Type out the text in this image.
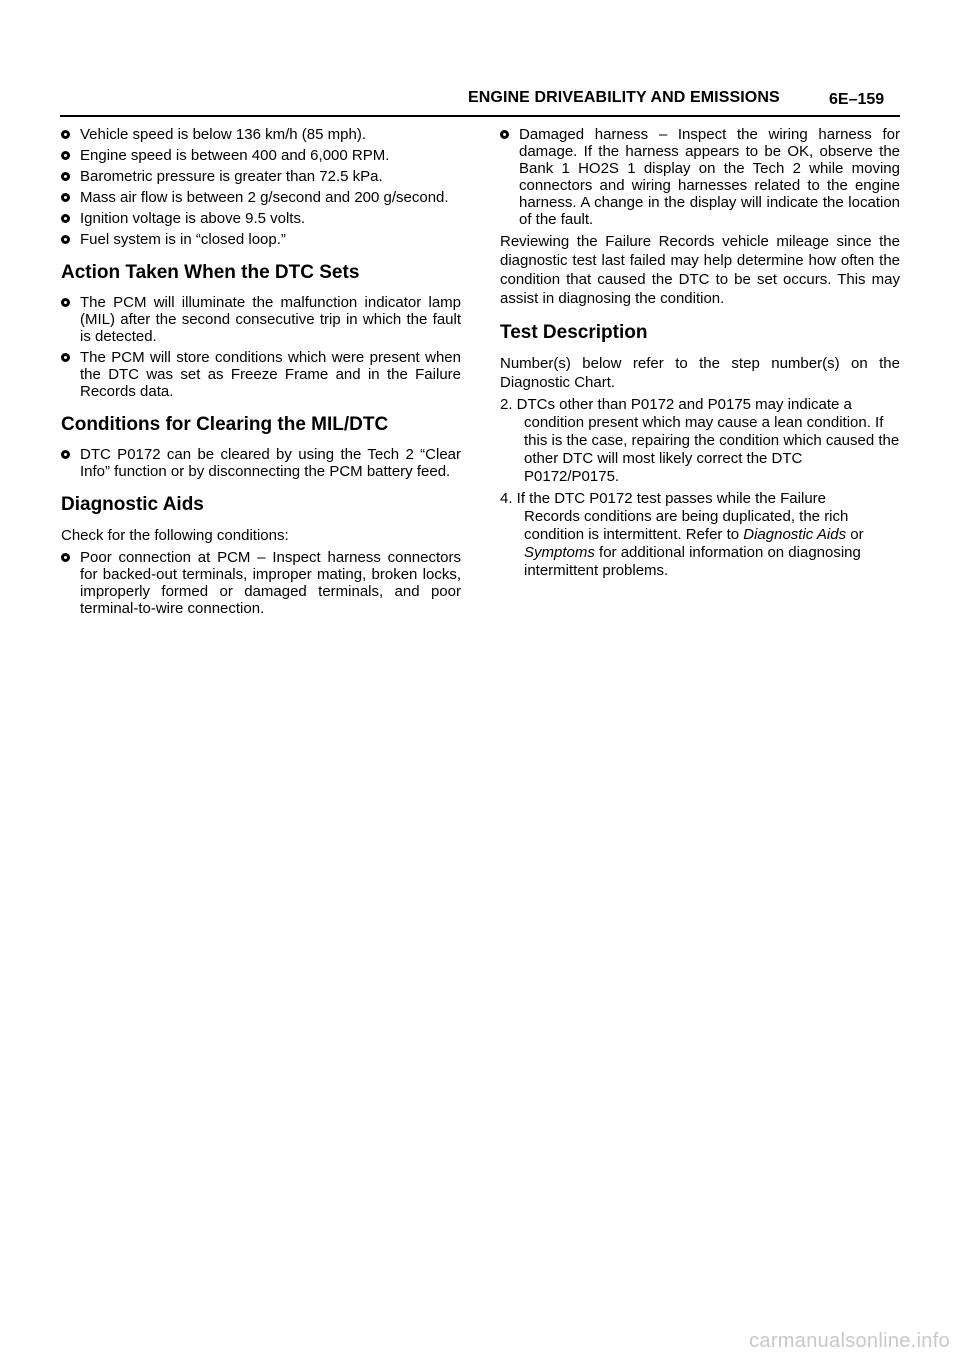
ENGINE DRIVEABILITY AND EMISSIONS	6E–159
Vehicle speed is below 136 km/h (85 mph).
Engine speed is between 400 and 6,000 RPM.
Barometric pressure is greater than 72.5 kPa.
Mass air flow is between 2 g/second and 200 g/second.
Ignition voltage is above 9.5 volts.
Fuel system is in “closed loop.”
Action Taken When the DTC Sets
The PCM will illuminate the malfunction indicator lamp (MIL) after the second consecutive trip in which the fault is detected.
The PCM will store conditions which were present when the DTC was set as Freeze Frame and in the Failure Records data.
Conditions for Clearing the MIL/DTC
DTC P0172 can be cleared by using the Tech 2 “Clear Info” function or by disconnecting the PCM battery feed.
Diagnostic Aids

Check for the following conditions:

Poor connection at PCM – Inspect harness connectors for backed-out terminals, improper mating, broken locks, improperly formed or damaged terminals, and poor terminal-to-wire connection.
Damaged harness – Inspect the wiring harness for damage. If the harness appears to be OK, observe the Bank 1 HO2S 1 display on the Tech 2 while moving connectors and wiring harnesses related to the engine harness. A change in the display will indicate the location of the fault.

Reviewing the Failure Records vehicle mileage since the diagnostic test last failed may help determine how often the condition that caused the DTC to be set occurs. This may assist in diagnosing the condition.

Test Description

Number(s) below refer to the step number(s) on the Diagnostic Chart.

2. DTCs other than P0172 and P0175 may indicate a
condition present which may cause a lean condition. If this is the case, repairing the condition which caused the other DTC will most likely correct the DTC P0172/P0175.
4. If the DTC P0172 test passes while the Failure
Records conditions are being duplicated, the rich condition is intermittent. Refer to Diagnostic Aids or Symptoms for additional information on diagnosing intermittent problems.
carmanualsonline.info
